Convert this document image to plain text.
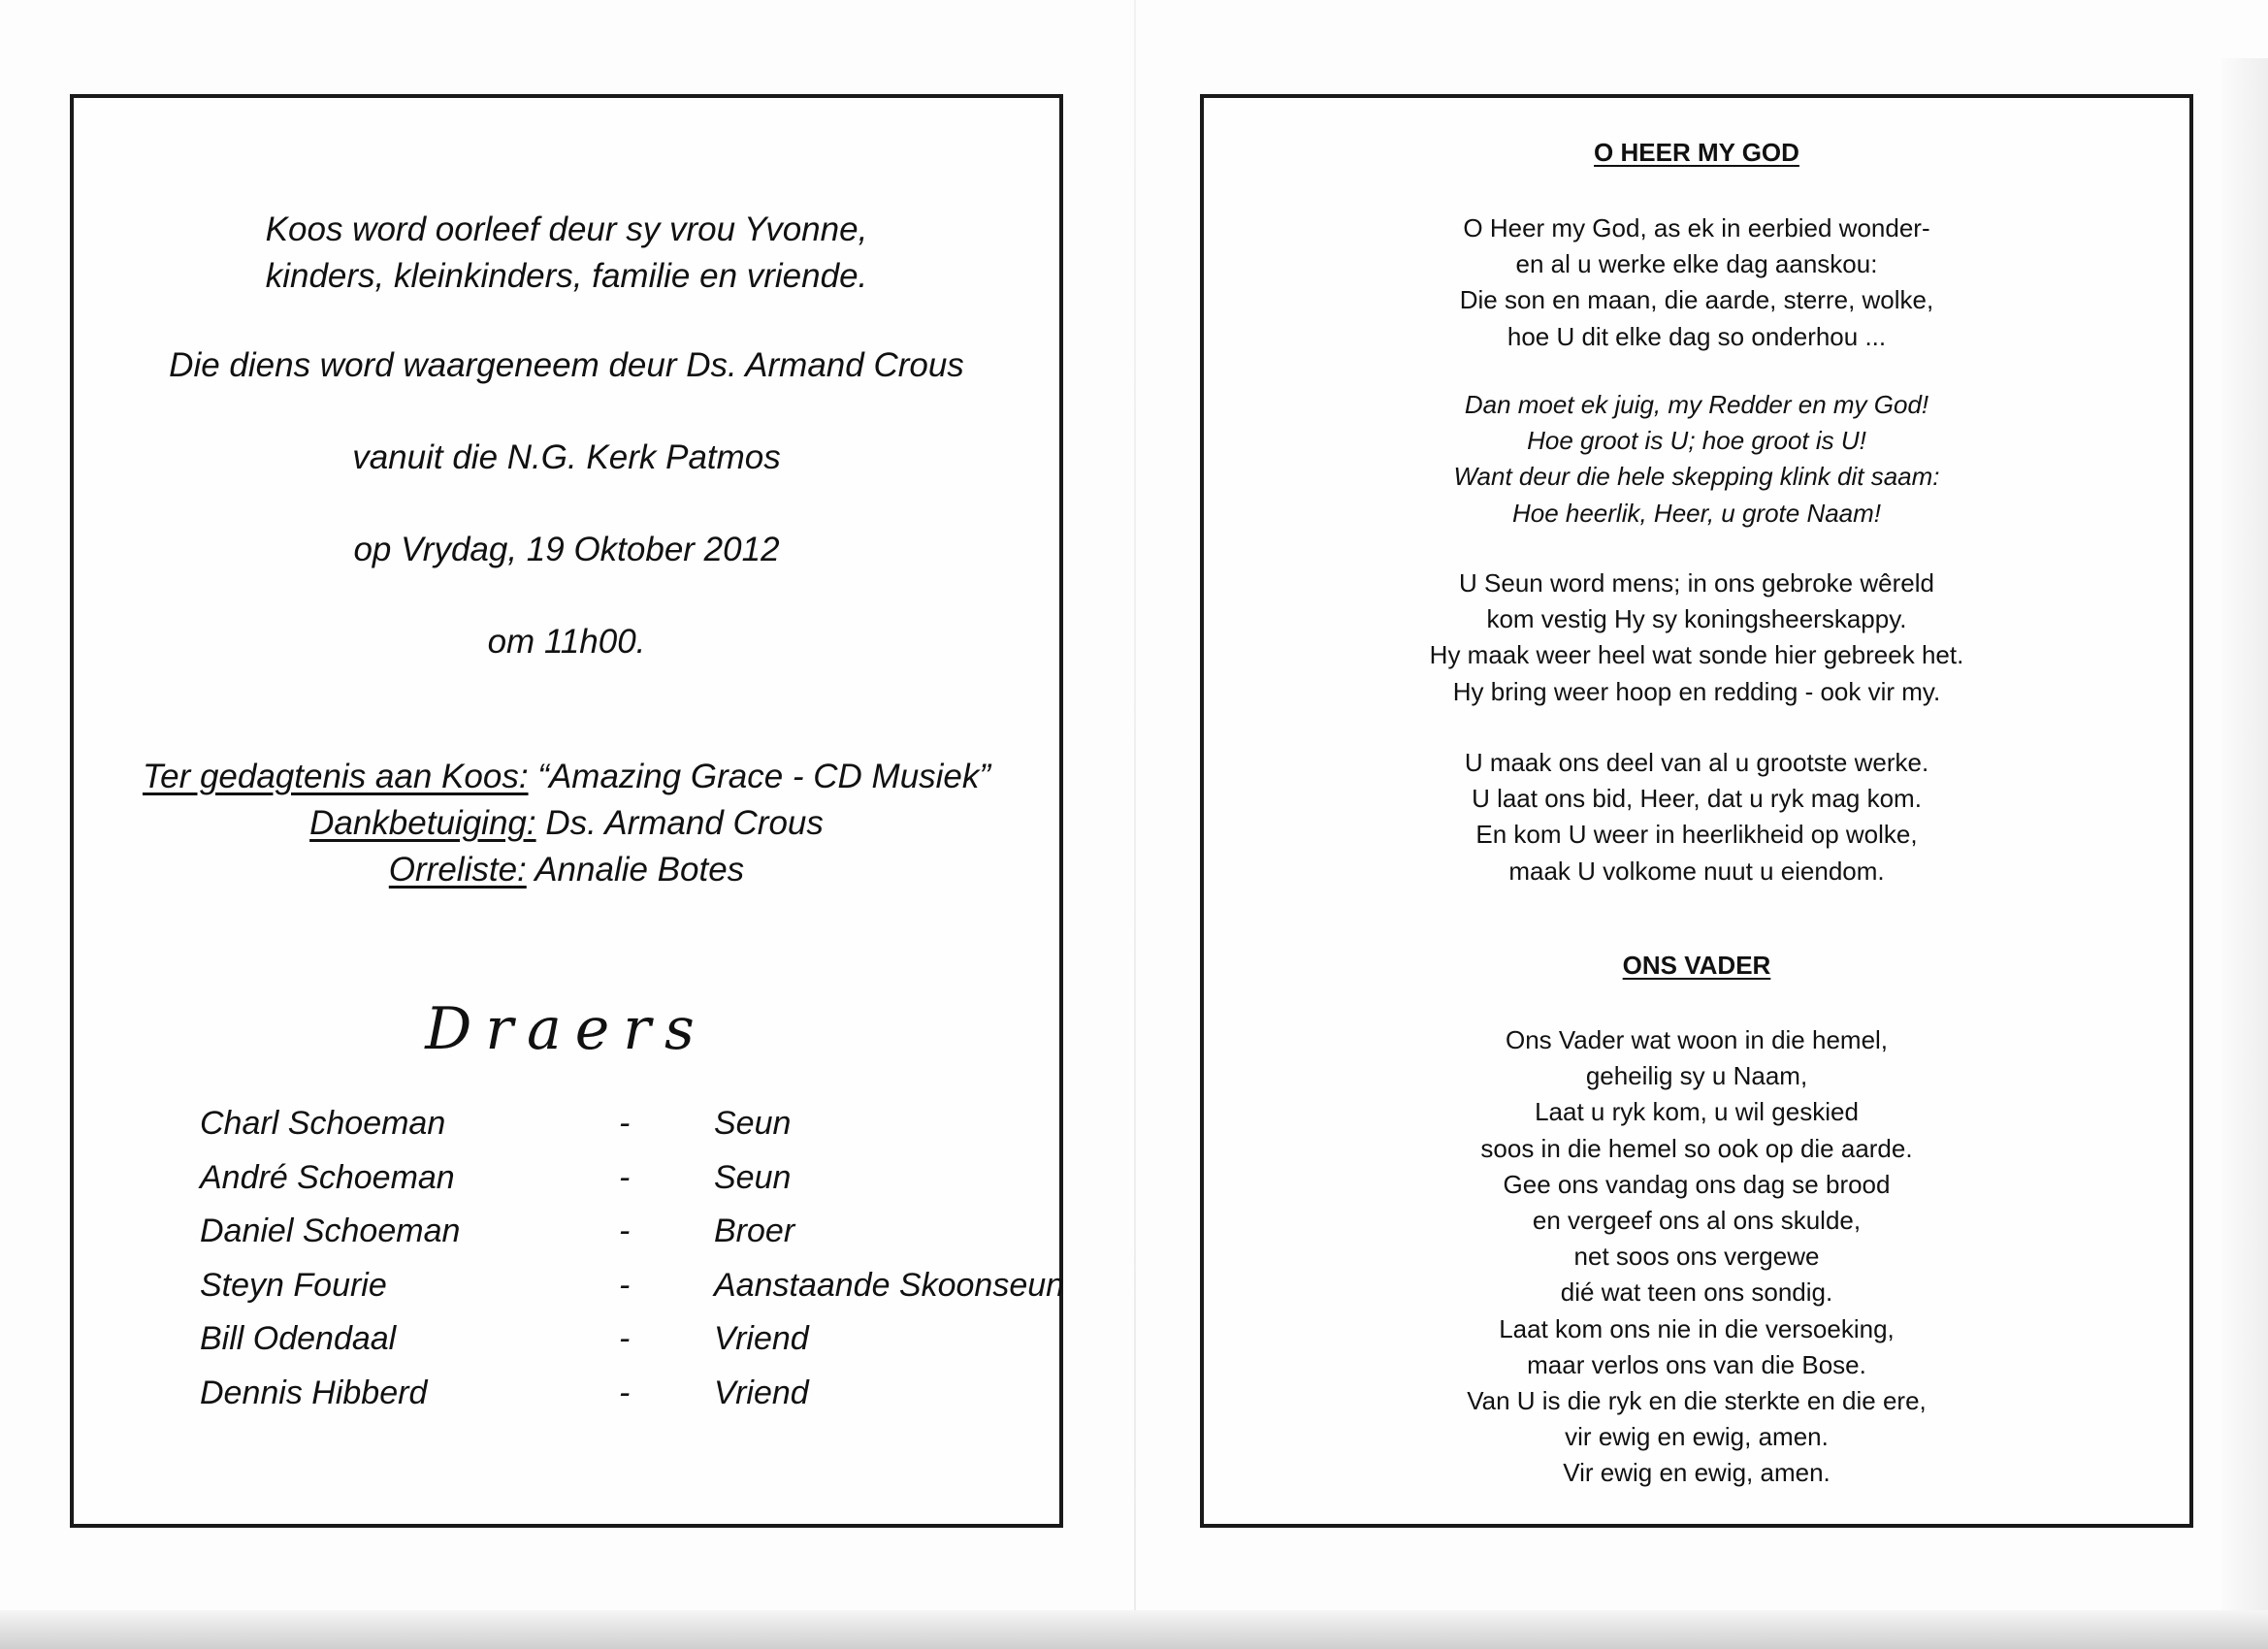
Koos word oorleef deur sy vrou Yvonne,
kinders, kleinkinders, familie en vriende.
Die diens word waargeneem deur Ds. Armand Crous
vanuit die N.G. Kerk Patmos
op Vrydag, 19 Oktober 2012
om 11h00.
Ter gedagtenis aan Koos: “Amazing Grace - CD Musiek”
Dankbetuiging: Ds. Armand Crous
Orreliste: Annalie Botes
Draers
Charl Schoeman	-	Seun
André Schoeman	-	Seun
Daniel Schoeman	-	Broer
Steyn Fourie	-	Aanstaande Skoonseun
Bill Odendaal	-	Vriend
Dennis Hibberd	-	Vriend
O HEER MY GOD
O Heer my God, as ek in eerbied wonder-
en al u werke elke dag aanskou:
Die son en maan, die aarde, sterre, wolke,
hoe U dit elke dag so onderhou ...
Dan moet ek juig, my Redder en my God!
Hoe groot is U; hoe groot is U!
Want deur die hele skepping klink dit saam:
Hoe heerlik, Heer, u grote Naam!
U Seun word mens; in ons gebroke wêreld
kom vestig Hy sy koningsheerskappy.
Hy maak weer heel wat sonde hier gebreek het.
Hy bring weer hoop en redding - ook vir my.
U maak ons deel van al u grootste werke.
U laat ons bid, Heer, dat u ryk mag kom.
En kom U weer in heerlikheid op wolke,
maak U volkome nuut u eiendom.
ONS VADER
Ons Vader wat woon in die hemel,
geheilig sy u Naam,
Laat u ryk kom, u wil geskied
soos in die hemel so ook op die aarde.
Gee ons vandag ons dag se brood
en vergeef ons al ons skulde,
net soos ons vergewe
dié wat teen ons sondig.
Laat kom ons nie in die versoeking,
maar verlos ons van die Bose.
Van U is die ryk en die sterkte en die ere,
vir ewig en ewig, amen.
Vir ewig en ewig, amen.
